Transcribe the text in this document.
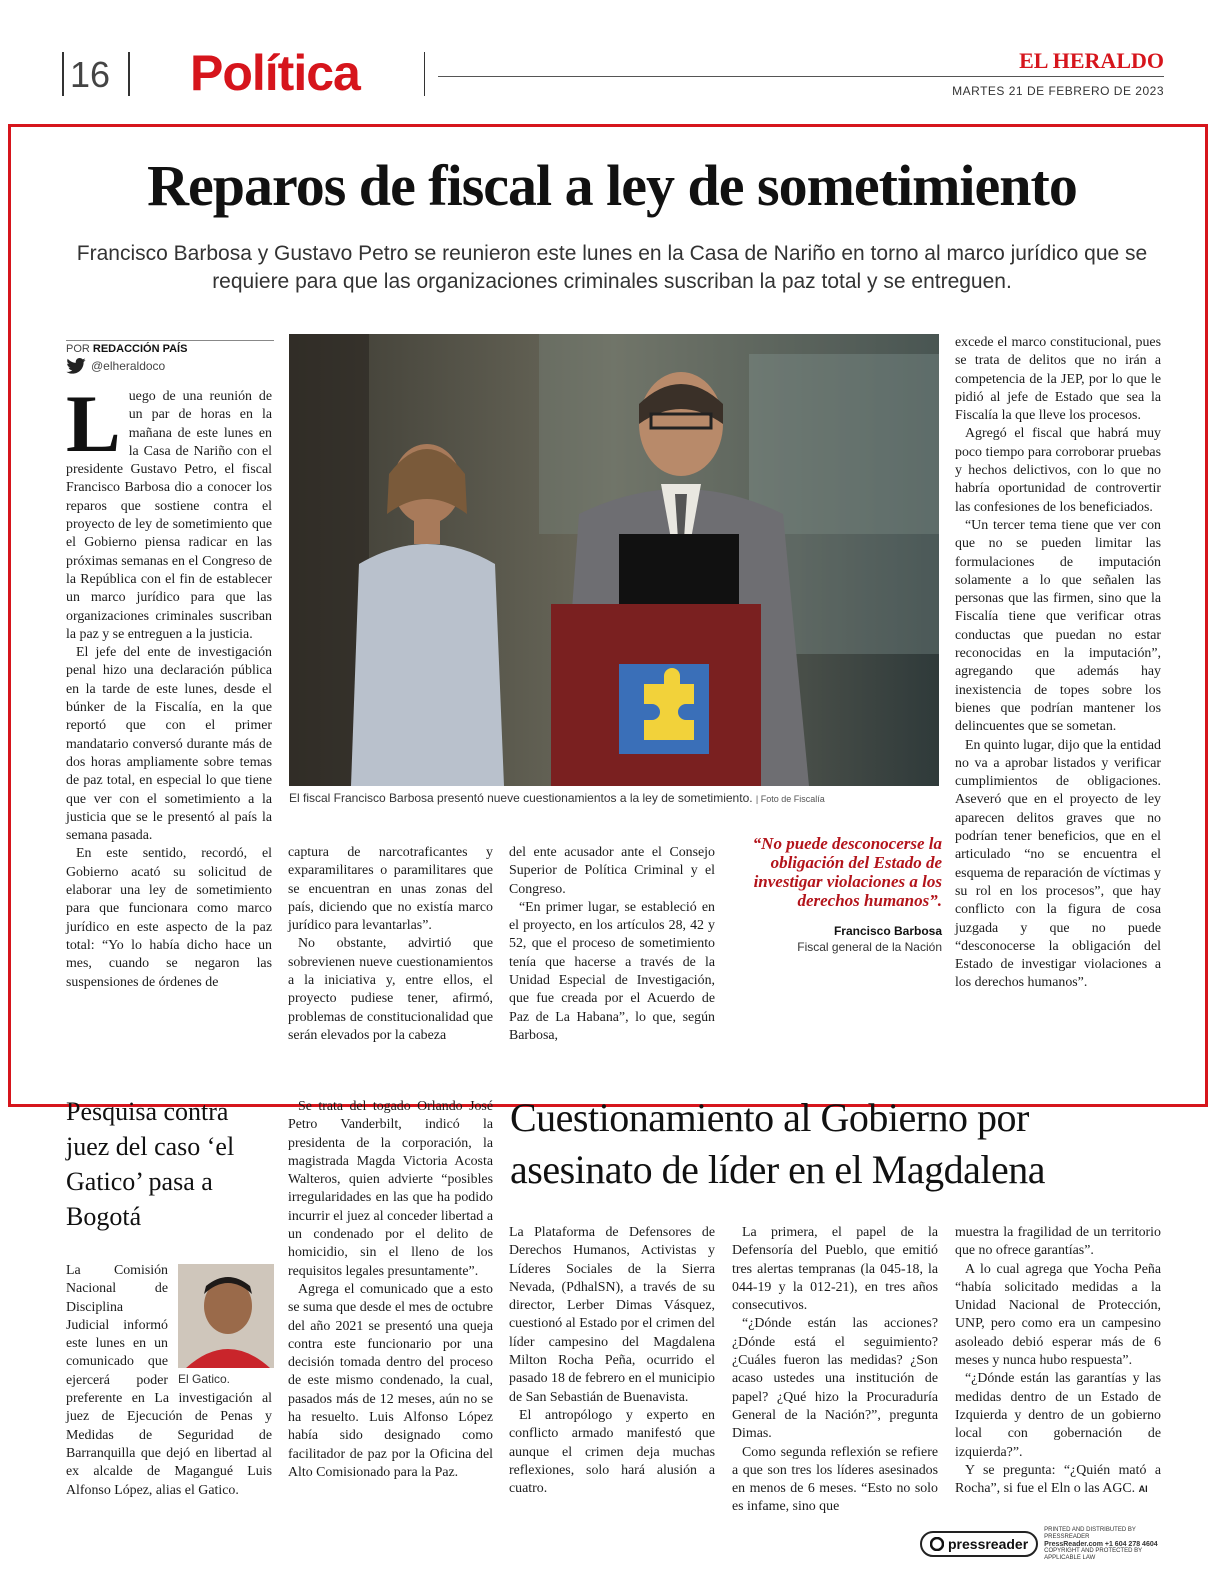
16 Política	EL HERALDO
MARTES 21 DE FEBRERO DE 2023
Reparos de fiscal a ley de sometimiento
Francisco Barbosa y Gustavo Petro se reunieron este lunes en la Casa de Nariño en torno al marco jurídico que se requiere para que las organizaciones criminales suscriban la paz total y se entreguen.
POR REDACCIÓN PAÍS
@elheraldoco

Luego de una reunión de un par de horas en la mañana de este lunes en la Casa de Nariño con el presidente Gustavo Petro, el fiscal Francisco Barbosa dio a conocer los reparos que sostiene contra el proyecto de ley de sometimiento que el Gobierno piensa radicar en las próximas semanas en el Congreso de la República con el fin de establecer un marco jurídico para que las organizaciones criminales suscriban la paz y se entreguen a la justicia.

El jefe del ente de investigación penal hizo una declaración pública en la tarde de este lunes, desde el búnker de la Fiscalía, en la que reportó que con el primer mandatario conversó durante más de dos horas ampliamente sobre temas de paz total, en especial lo que tiene que ver con el sometimiento a la justicia que se le presentó al país la semana pasada.

En este sentido, recordó, el Gobierno acató su solicitud de elaborar una ley de sometimiento para que funcionara como marco jurídico en este aspecto de la paz total: “Yo lo había dicho hace un mes, cuando se negaron las suspensiones de órdenes de

El fiscal Francisco Barbosa presentó nueve cuestionamientos a la ley de sometimiento. | Foto de Fiscalía

captura de narcotraficantes y exparamilitares o paramilitares que se encuentran en unas zonas del país, diciendo que no existía marco jurídico para levantarlas”.

No obstante, advirtió que sobrevienen nueve cuestionamientos a la iniciativa y, entre ellos, el proyecto pudiese tener, afirmó, problemas de constitucionalidad que serán elevados por la cabeza

del ente acusador ante el Consejo Superior de Política Criminal y el Congreso.

“En primer lugar, se estableció en el proyecto, en los artículos 28, 42 y 52, que el proceso de sometimiento tenía que hacerse a través de la Unidad Especial de Investigación, que fue creada por el Acuerdo de Paz de La Habana”, lo que, según Barbosa,

“No puede desconocerse la obligación del Estado de investigar violaciones a los derechos humanos”.
Francisco Barbosa
Fiscal general de la Nación

excede el marco constitucional, pues se trata de delitos que no irán a competencia de la JEP, por lo que le pidió al jefe de Estado que sea la Fiscalía la que lleve los procesos.

Agregó el fiscal que habrá muy poco tiempo para corroborar pruebas y hechos delictivos, con lo que no habría oportunidad de controvertir las confesiones de los beneficiados.

“Un tercer tema tiene que ver con que no se pueden limitar las formulaciones de imputación solamente a lo que señalen las personas que las firmen, sino que la Fiscalía tiene que verificar otras conductas que puedan no estar reconocidas en la imputación”, agregando que además hay inexistencia de topes sobre los bienes que podrían mantener los delincuentes que se sometan.

En quinto lugar, dijo que la entidad no va a aprobar listados y verificar cumplimientos de obligaciones. Aseveró que en el proyecto de ley aparecen delitos graves que no podrían tener beneficios, que en el articulado “no se encuentra el esquema de reparación de víctimas y su rol en los procesos”, que hay conflicto con la figura de cosa juzgada y que no puede “desconocerse la obligación del Estado de investigar violaciones a los derechos humanos”.

Pesquisa contra juez del caso ‘el Gatico’ pasa a Bogotá
El Gatico.

La Comisión Nacional de Disciplina Judicial informó este lunes en un comunicado que ejercerá poder preferente en La investigación al juez de Ejecución de Penas y Medidas de Seguridad de Barranquilla que dejó en libertad al ex alcalde de Magangué Luis Alfonso López, alias el Gatico.

Se trata del togado Orlando José Petro Vanderbilt, indicó la presidenta de la corporación, la magistrada Magda Victoria Acosta Walteros, quien advierte “posibles irregularidades en las que ha podido incurrir el juez al conceder libertad a un condenado por el delito de homicidio, sin el lleno de los requisitos legales presuntamente”.

Agrega el comunicado que a esto se suma que desde el mes de octubre del año 2021 se presentó una queja contra este funcionario por una decisión tomada dentro del proceso de este mismo condenado, la cual, pasados más de 12 meses, aún no se ha resuelto. Luis Alfonso López había sido designado como facilitador de paz por la Oficina del Alto Comisionado para la Paz.

Cuestionamiento al Gobierno por asesinato de líder en el Magdalena

La Plataforma de Defensores de Derechos Humanos, Activistas y Líderes Sociales de la Sierra Nevada, (PdhalSN), a través de su director, Lerber Dimas Vásquez, cuestionó al Estado por el crimen del líder campesino del Magdalena Milton Rocha Peña, ocurrido el pasado 18 de febrero en el municipio de San Sebastián de Buenavista.

El antropólogo y experto en conflicto armado manifestó que aunque el crimen deja muchas reflexiones, solo hará alusión a cuatro.

La primera, el papel de la Defensoría del Pueblo, que emitió tres alertas tempranas (la 045-18, la 044-19 y la 012-21), en tres años consecutivos.

“¿Dónde están las acciones? ¿Dónde está el seguimiento? ¿Cuáles fueron las medidas? ¿Son acaso ustedes una institución de papel? ¿Qué hizo la Procuraduría General de la Nación?”, pregunta Dimas.

Como segunda reflexión se refiere a que son tres los líderes asesinados en menos de 6 meses. “Esto no solo es infame, sino que

muestra la fragilidad de un territorio que no ofrece garantías”.

A lo cual agrega que Yocha Peña “había solicitado medidas a la Unidad Nacional de Protección, UNP, pero como era un campesino asoleado debió esperar más de 6 meses y nunca hubo respuesta”.

“¿Dónde están las garantías y las medidas dentro de un Estado de Izquierda y dentro de un gobierno local con gobernación de izquierda?”.

Y se pregunta: “¿Quién mató a Rocha”, si fue el Eln o las AGC. AI

pressreader
PRINTED AND DISTRIBUTED BY PRESSREADER
PressReader.com +1 604 278 4604
COPYRIGHT AND PROTECTED BY APPLICABLE LAW
